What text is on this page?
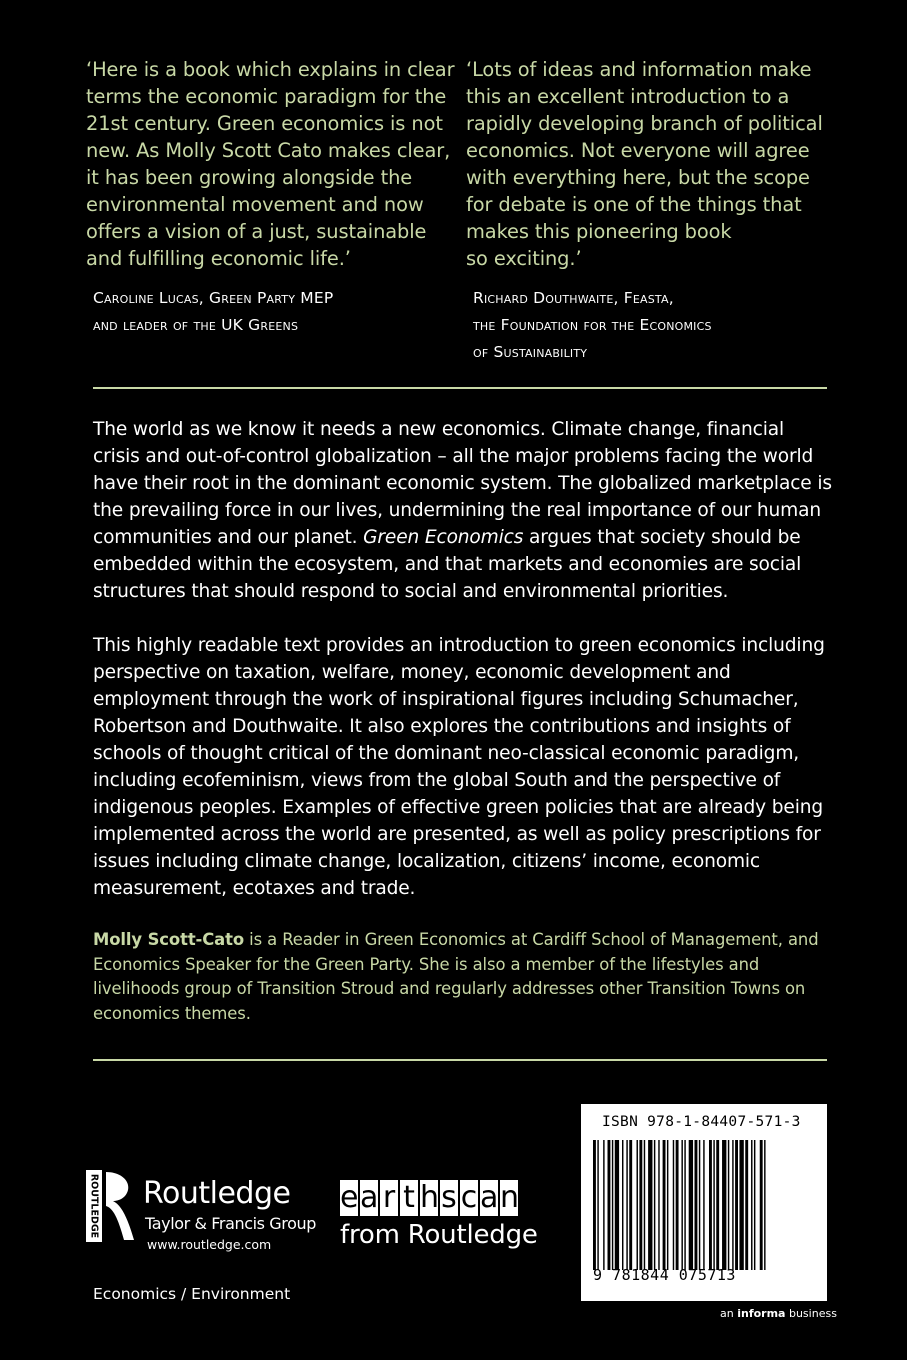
‘Here is a book which explains in clear
terms the economic paradigm for the
21st century. Green economics is not
new. As Molly Scott Cato makes clear,
it has been growing alongside the
environmental movement and now
offers a vision of a just, sustainable
and fulfilling economic life.’
Caroline Lucas, Green Party MEP
and leader of the UK Greens
‘Lots of ideas and information make
this an excellent introduction to a
rapidly developing branch of political
economics. Not everyone will agree
with everything here, but the scope
for debate is one of the things that
makes this pioneering book
so exciting.’
Richard Douthwaite, Feasta,
the Foundation for the Economics
of Sustainability
The world as we know it needs a new economics. Climate change, financial crisis and out-of-control globalization – all the major problems facing the world have their root in the dominant economic system. The globalized marketplace is the prevailing force in our lives, undermining the real importance of our human communities and our planet. Green Economics argues that society should be embedded within the ecosystem, and that markets and economies are social structures that should respond to social and environmental priorities.
This highly readable text provides an introduction to green economics including perspective on taxation, welfare, money, economic development and employment through the work of inspirational figures including Schumacher, Robertson and Douthwaite. It also explores the contributions and insights of schools of thought critical of the dominant neo-classical economic paradigm, including ecofeminism, views from the global South and the perspective of indigenous peoples. Examples of effective green policies that are already being implemented across the world are presented, as well as policy prescriptions for issues including climate change, localization, citizens’ income, economic measurement, ecotaxes and trade.
Molly Scott-Cato is a Reader in Green Economics at Cardiff School of Management, and Economics Speaker for the Green Party. She is also a member of the lifestyles and livelihoods group of Transition Stroud and regularly addresses other Transition Towns on economics themes.
ROUTLEDGE Routledge
Taylor & Francis Group
www.routledge.com
e a r t h s c a n
from Routledge
ISBN 978-1-84407-571-3
9 781844 075713
Economics / Environment
an informa business
